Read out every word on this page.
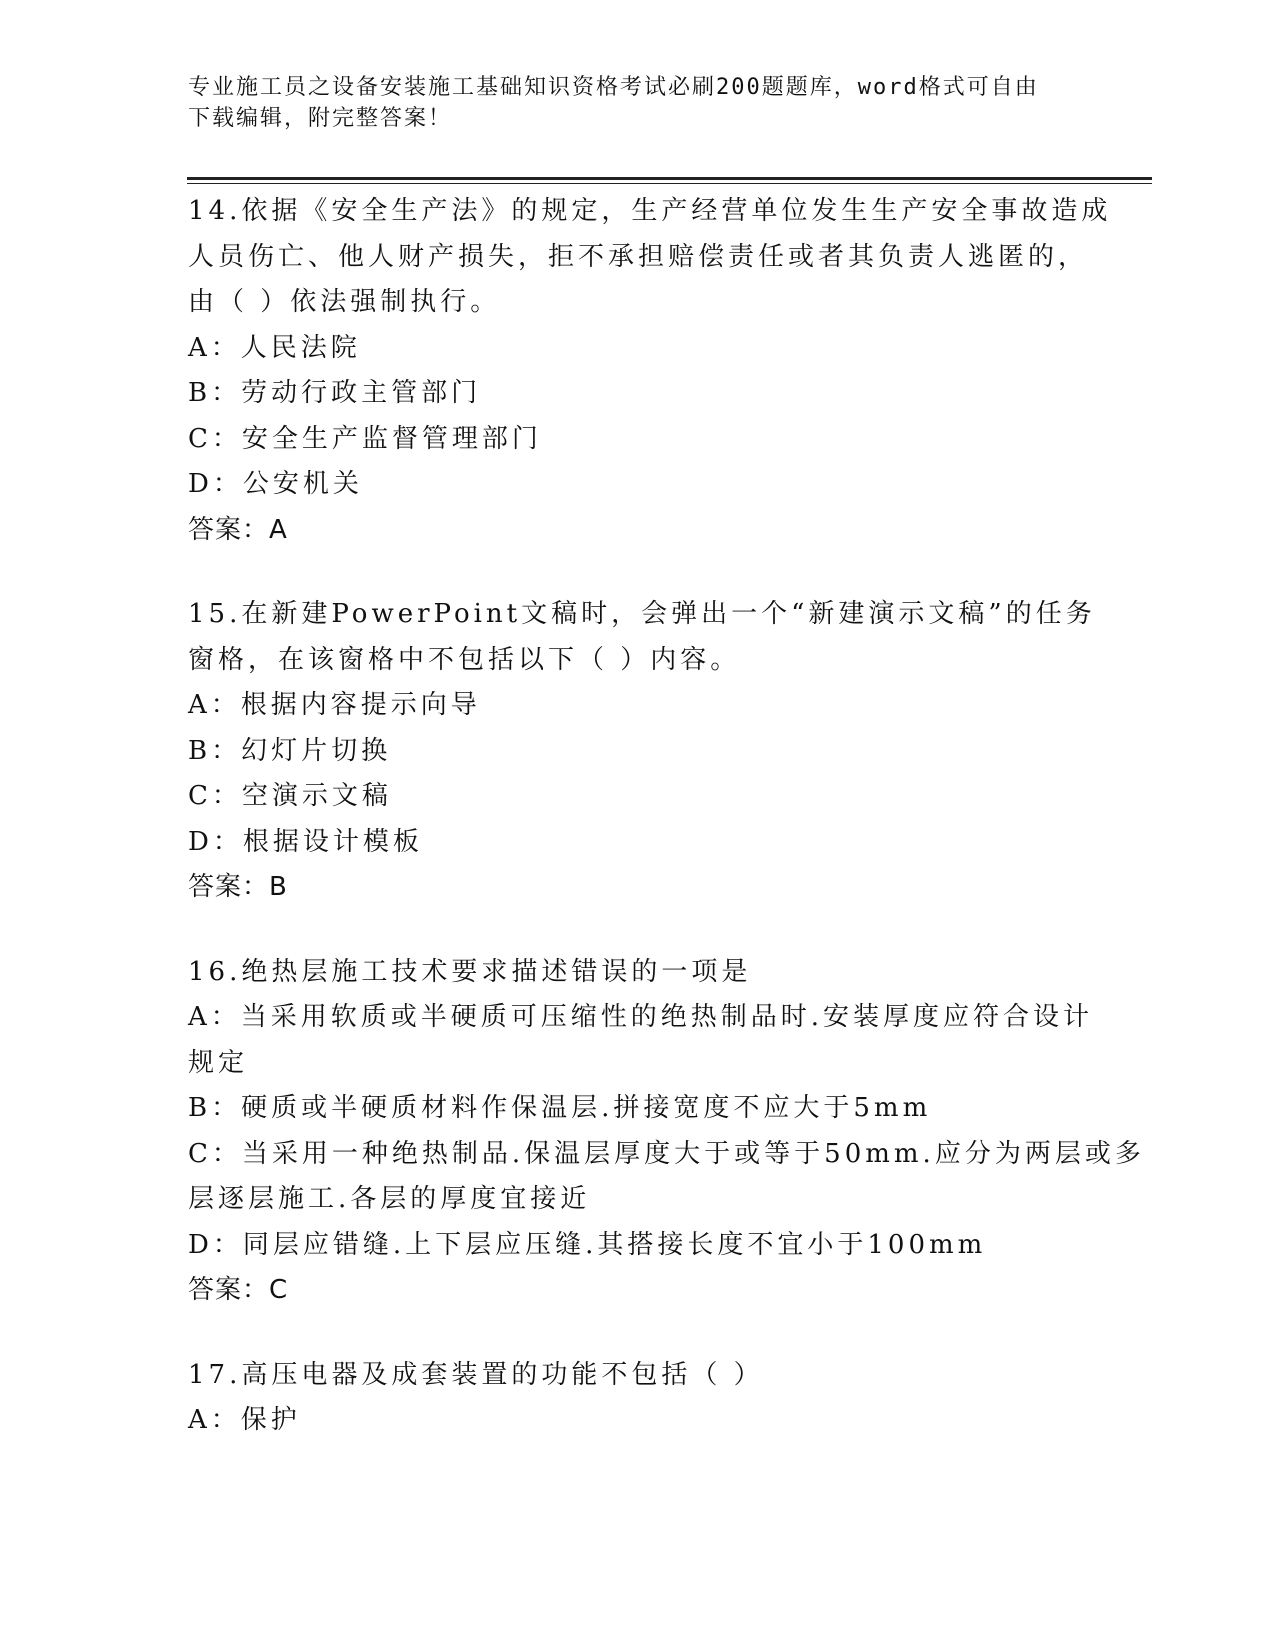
专业施工员之设备安装施工基础知识资格考试必刷200题题库，word格式可自由
下载编辑，附完整答案！
14.依据《安全生产法》的规定，生产经营单位发生生产安全事故造成
人员伤亡、他人财产损失，拒不承担赔偿责任或者其负责人逃匿的，
由（ ）依法强制执行。
A：人民法院
B：劳动行政主管部门
C：安全生产监督管理部门
D：公安机关
答案：A
15.在新建PowerPoint文稿时，会弹出一个“新建演示文稿”的任务
窗格，在该窗格中不包括以下（ ）内容。
A：根据内容提示向导
B：幻灯片切换
C：空演示文稿
D：根据设计模板
答案：B
16.绝热层施工技术要求描述错误的一项是
A：当采用软质或半硬质可压缩性的绝热制品时.安装厚度应符合设计
规定
B：硬质或半硬质材料作保温层.拼接宽度不应大于5mm
C：当采用一种绝热制品.保温层厚度大于或等于50mm.应分为两层或多
层逐层施工.各层的厚度宜接近
D：同层应错缝.上下层应压缝.其搭接长度不宜小于100mm
答案：C
17.高压电器及成套装置的功能不包括（ ）
A：保护
